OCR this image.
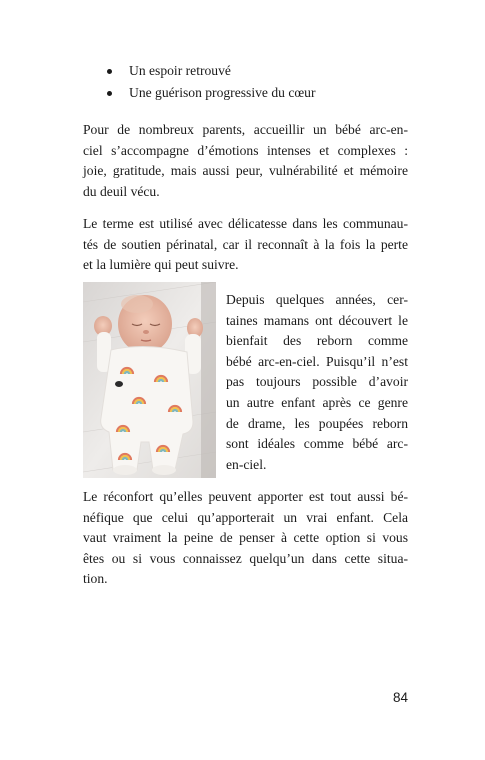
Un espoir retrouvé
Une guérison progressive du cœur

Pour de nombreux parents, accueillir un bébé arc-en-
ciel s’accompagne d’émotions intenses et complexes :
joie, gratitude, mais aussi peur, vulnérabilité et mémoire
du deuil vécu.

Le terme est utilisé avec délicatesse dans les communau-
tés de soutien périnatal, car il reconnaît à la fois la perte
et la lumière qui peut suivre.

Depuis quelques années, cer-
taines mamans ont découvert le
bienfait des reborn comme
bébé arc-en-ciel. Puisqu’il n’est
pas toujours possible d’avoir
un autre enfant après ce genre
de drame, les poupées reborn
sont idéales comme bébé arc-
en-ciel.

Le réconfort qu’elles peuvent apporter est tout aussi bé-
néfique que celui qu’apporterait un vrai enfant. Cela
vaut vraiment la peine de penser à cette option si vous
êtes ou si vous connaissez quelqu’un dans cette situa-
tion.

84
